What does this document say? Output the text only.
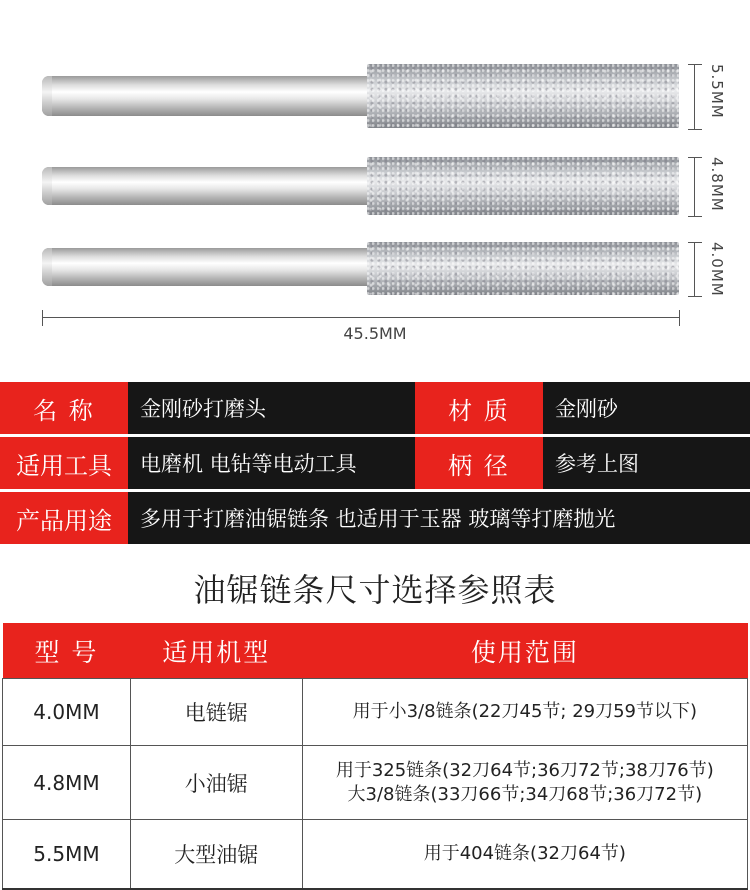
5.5MM
4.8MM
4.0MM
45.5MM
名 称	金刚砂打磨头	材 质	金刚砂
适用工具	电磨机 电钻等电动工具	柄 径	参考上图
产品用途	多用于打磨油锯链条 也适用于玉器 玻璃等打磨抛光
油锯链条尺寸选择参照表
型 号	适用机型	使用范围
4.0MM	电链锯	用于小3/8链条(22刀45节; 29刀59节以下)

4.8MM	小油锯	用于325链条(32刀64节;36刀72节;38刀76节)
大3/8链条(33刀66节;34刀68节;36刀72节)

5.5MM	大型油锯	用于404链条(32刀64节)
